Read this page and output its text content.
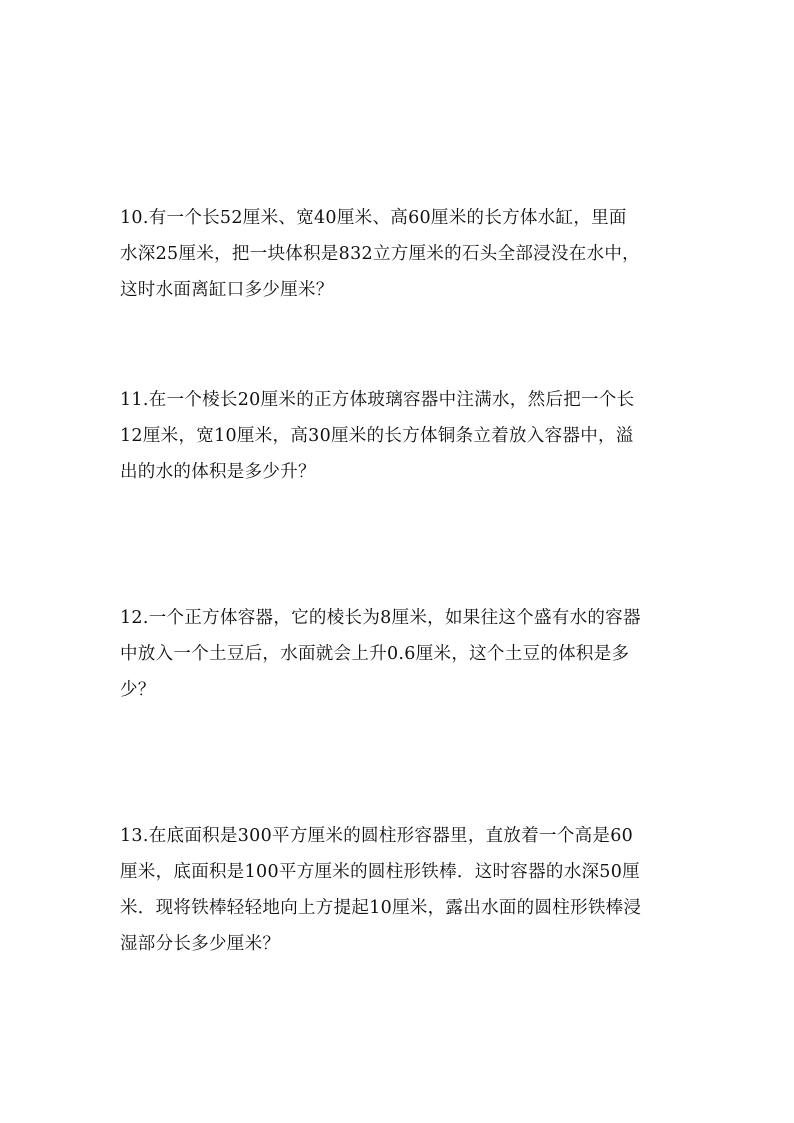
10.有一个长52厘米、宽40厘米、高60厘米的长方体水缸，里面
水深25厘米，把一块体积是832立方厘米的石头全部浸没在水中，
这时水面离缸口多少厘米？
11.在一个棱长20厘米的正方体玻璃容器中注满水，然后把一个长
12厘米，宽10厘米，高30厘米的长方体铜条立着放入容器中，溢
出的水的体积是多少升？
12.一个正方体容器，它的棱长为8厘米，如果往这个盛有水的容器
中放入一个土豆后，水面就会上升0.6厘米，这个土豆的体积是多
少？
13.在底面积是300平方厘米的圆柱形容器里，直放着一个高是60
厘米，底面积是100平方厘米的圆柱形铁棒．这时容器的水深50厘
米．现将铁棒轻轻地向上方提起10厘米，露出水面的圆柱形铁棒浸
湿部分长多少厘米？
